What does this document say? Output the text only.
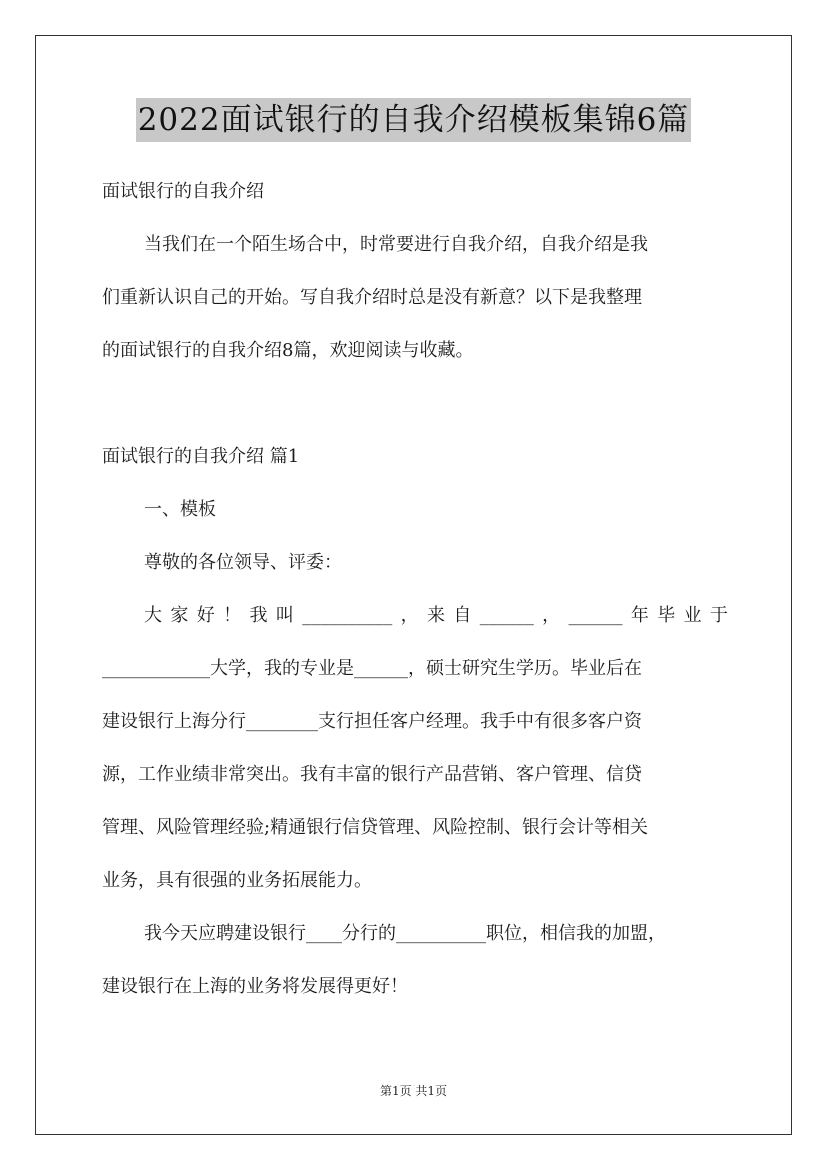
2022面试银行的自我介绍模板集锦6篇
面试银行的自我介绍
当我们在一个陌生场合中，时常要进行自我介绍，自我介绍是我
们重新认识自己的开始。写自我介绍时总是没有新意？以下是我整理
的面试银行的自我介绍8篇，欢迎阅读与收藏。
面试银行的自我介绍 篇1
一、模板
尊敬的各位领导、评委：
大家好！我叫__________，来自______，______年毕业于
____________大学，我的专业是______，硕士研究生学历。毕业后在
建设银行上海分行________支行担任客户经理。我手中有很多客户资
源，工作业绩非常突出。我有丰富的银行产品营销、客户管理、信贷
管理、风险管理经验;精通银行信贷管理、风险控制、银行会计等相关
业务，具有很强的业务拓展能力。
我今天应聘建设银行____分行的__________职位，相信我的加盟，
建设银行在上海的业务将发展得更好！
第1页 共1页
